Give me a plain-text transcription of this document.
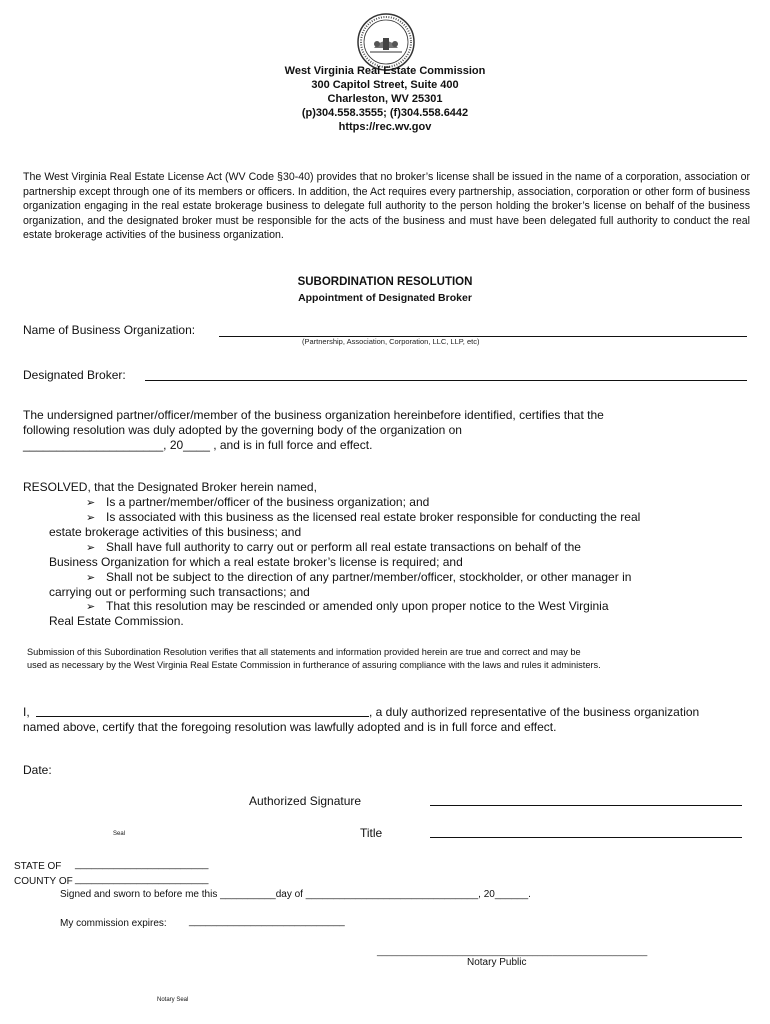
West Virginia Real Estate Commission
300 Capitol Street, Suite 400
Charleston, WV 25301
(p)304.558.3555; (f)304.558.6442
https://rec.wv.gov
The West Virginia Real Estate License Act (WV Code §30-40) provides that no broker’s license shall be issued in the name of a corporation, association or partnership except through one of its members or officers. In addition, the Act requires every partnership, association, corporation or other form of business organization engaging in the real estate brokerage business to delegate full authority to the person holding the broker’s license on behalf of the business organization, and the designated broker must be responsible for the acts of the business and must have been delegated full authority to conduct the real estate brokerage activities of the business organization.
SUBORDINATION RESOLUTION
Appointment of Designated Broker
Name of Business Organization:
(Partnership, Association, Corporation, LLC, LLP, etc)
Designated Broker:
The undersigned partner/officer/member of the business organization hereinbefore identified, certifies that the
following resolution was duly adopted by the governing body of the organization on
_____________________, 20____ , and is in full force and effect.
RESOLVED, that the Designated Broker herein named,
➢ Is a partner/member/officer of the business organization; and
➢ Is associated with this business as the licensed real estate broker responsible for conducting the real
estate brokerage activities of this business; and
➢ Shall have full authority to carry out or perform all real estate transactions on behalf of the
Business Organization for which a real estate broker’s license is required; and
➢ Shall not be subject to the direction of any partner/member/officer, stockholder, or other manager in
carrying out or performing such transactions; and
➢ That this resolution may be rescinded or amended only upon proper notice to the West Virginia
Real Estate Commission.
Submission of this Subordination Resolution verifies that all statements and information provided herein are true and correct and may be
used as necessary by the West Virginia Real Estate Commission in furtherance of assuring compliance with the laws and rules it administers.
I,	, a duly authorized representative of the business organization
named above, certify that the foregoing resolution was lawfully adopted and is in full force and effect.
Date:
Authorized Signature
Seal	Title
STATE OF ________________________
COUNTY OF ________________________
Signed and sworn to before me this __________day of _______________________________, 20______.
My commission expires: ____________________________
______________________________________________________
Notary Public
Notary Seal
